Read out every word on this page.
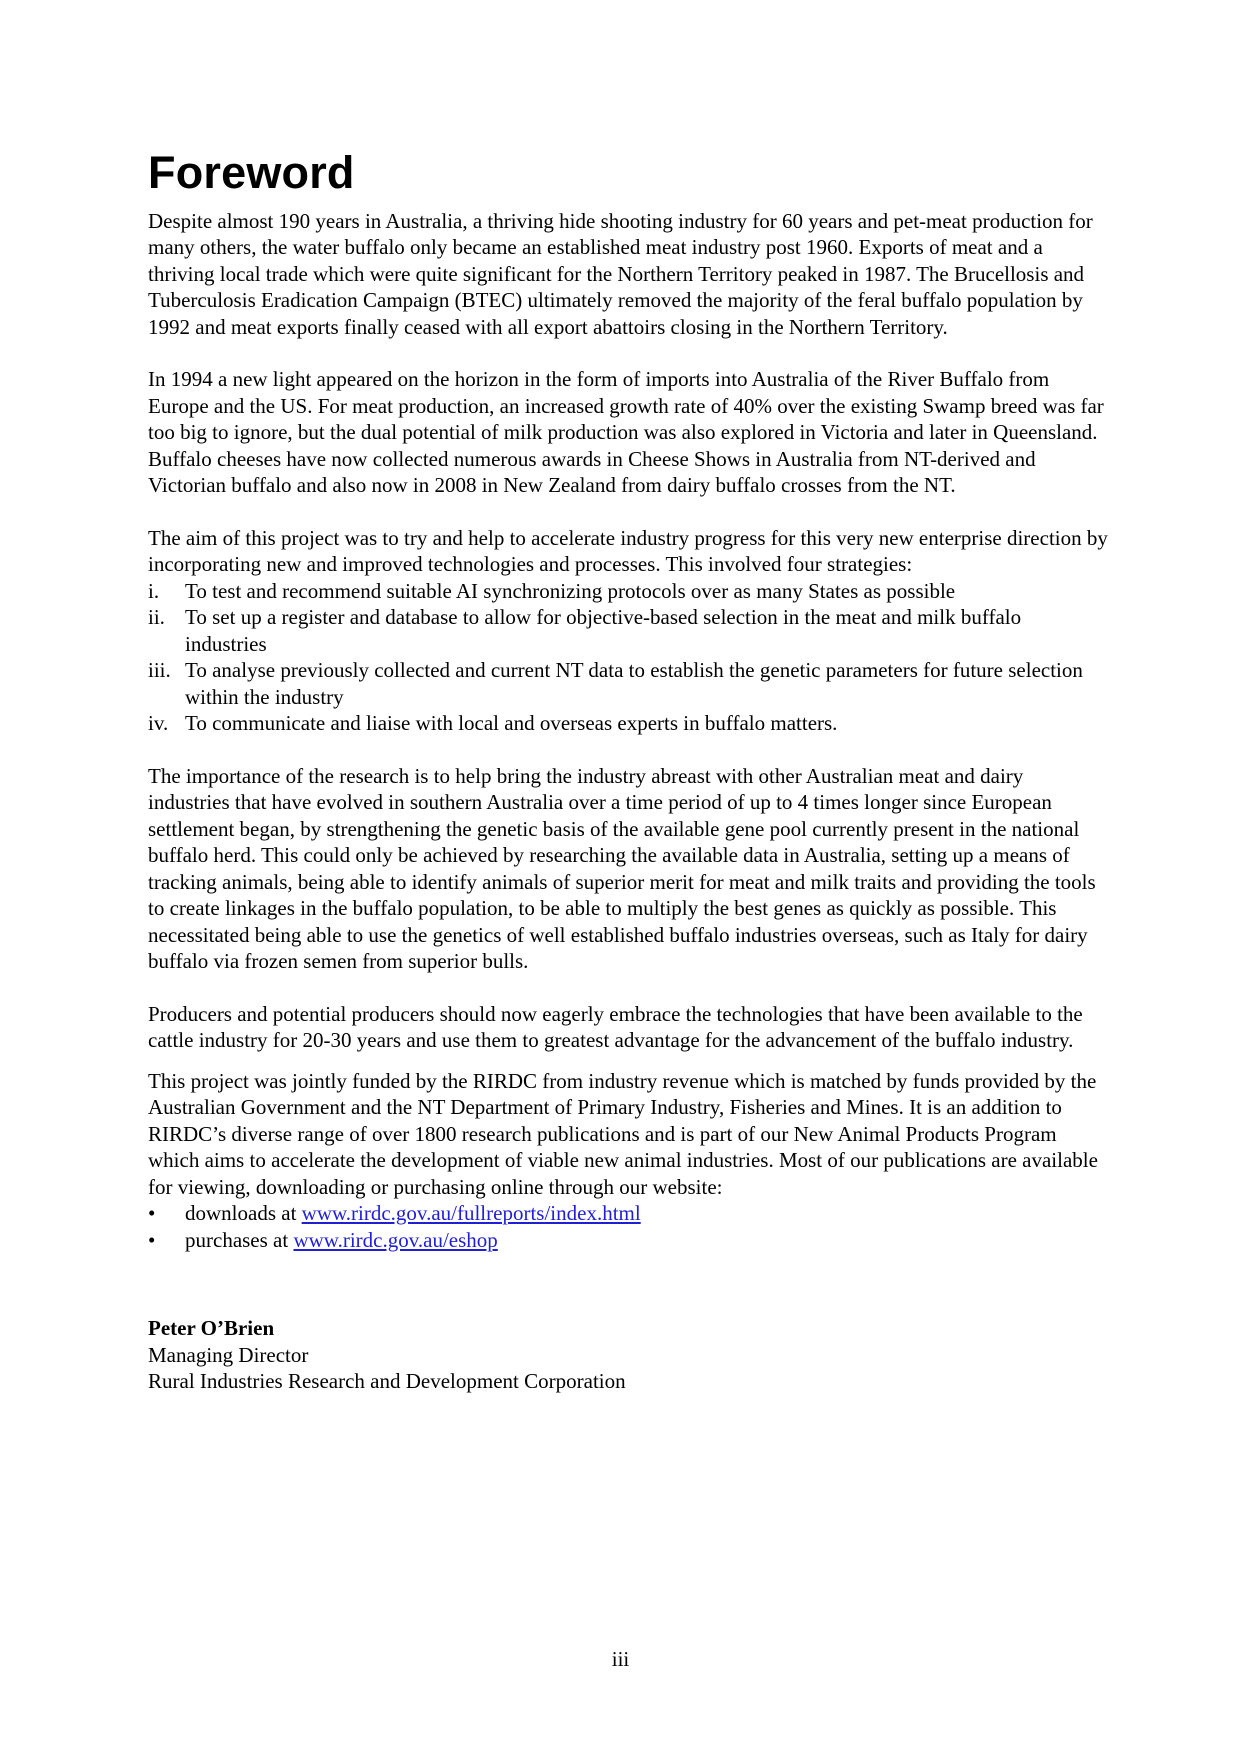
Foreword

Despite almost 190 years in Australia, a thriving hide shooting industry for 60 years and pet-meat production for many others, the water buffalo only became an established meat industry post 1960. Exports of meat and a thriving local trade which were quite significant for the Northern Territory peaked in 1987. The Brucellosis and Tuberculosis Eradication Campaign (BTEC) ultimately removed the majority of the feral buffalo population by 1992 and meat exports finally ceased with all export abattoirs closing in the Northern Territory.

In 1994 a new light appeared on the horizon in the form of imports into Australia of the River Buffalo from Europe and the US. For meat production, an increased growth rate of 40% over the existing Swamp breed was far too big to ignore, but the dual potential of milk production was also explored in Victoria and later in Queensland. Buffalo cheeses have now collected numerous awards in Cheese Shows in Australia from NT-derived and Victorian buffalo and also now in 2008 in New Zealand from dairy buffalo crosses from the NT.

The aim of this project was to try and help to accelerate industry progress for this very new enterprise direction by incorporating new and improved technologies and processes. This involved four strategies:

i.	To test and recommend suitable AI synchronizing protocols over as many States as possible
ii. To set up a register and database to allow for objective-based selection in the meat and milk buffalo industries
iii. To analyse previously collected and current NT data to establish the genetic parameters for future selection within the industry
iv. To communicate and liaise with local and overseas experts in buffalo matters.

The importance of the research is to help bring the industry abreast with other Australian meat and dairy industries that have evolved in southern Australia over a time period of up to 4 times longer since European settlement began, by strengthening the genetic basis of the available gene pool currently present in the national buffalo herd. This could only be achieved by researching the available data in Australia, setting up a means of tracking animals, being able to identify animals of superior merit for meat and milk traits and providing the tools to create linkages in the buffalo population, to be able to multiply the best genes as quickly as possible. This necessitated being able to use the genetics of well established buffalo industries overseas, such as Italy for dairy buffalo via frozen semen from superior bulls.

Producers and potential producers should now eagerly embrace the technologies that have been available to the cattle industry for 20-30 years and use them to greatest advantage for the advancement of the buffalo industry.

This project was jointly funded by the RIRDC from industry revenue which is matched by funds provided by the Australian Government and the NT Department of Primary Industry, Fisheries and Mines. It is an addition to RIRDC’s diverse range of over 1800 research publications and is part of our New Animal Products Program which aims to accelerate the development of viable new animal industries. Most of our publications are available for viewing, downloading or purchasing online through our website:

•	downloads at www.rirdc.gov.au/fullreports/index.html
•	purchases at www.rirdc.gov.au/eshop
Peter O’Brien
Managing Director
Rural Industries Research and Development Corporation
iii
